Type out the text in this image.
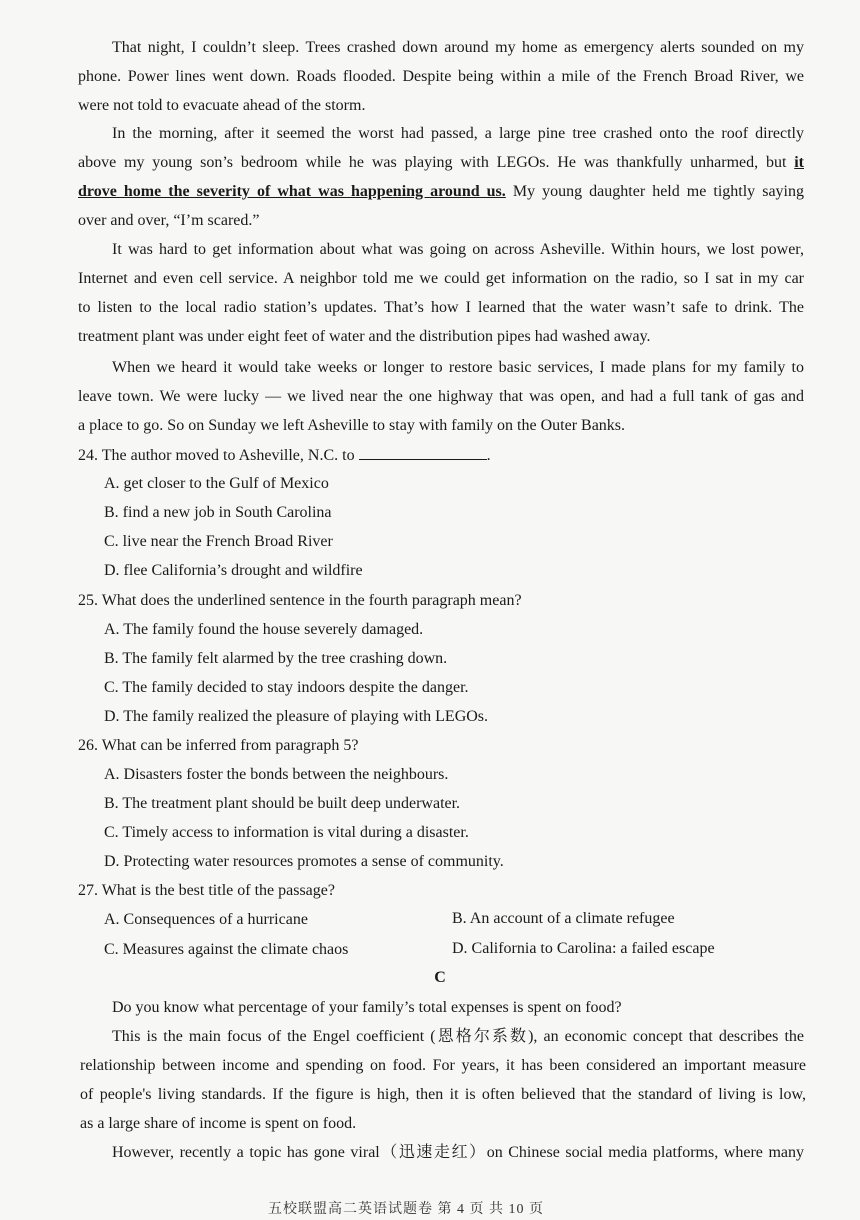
That night, I couldn’t sleep. Trees crashed down around my home as emergency alerts sounded on my
phone. Power lines went down. Roads flooded. Despite being within a mile of the French Broad River, we
were not told to evacuate ahead of the storm.
In the morning, after it seemed the worst had passed, a large pine tree crashed onto the roof directly
above my young son’s bedroom while he was playing with LEGOs. He was thankfully unharmed, but it
drove home the severity of what was happening around us. My young daughter held me tightly saying
over and over, “I’m scared.”
It was hard to get information about what was going on across Asheville. Within hours, we lost power,
Internet and even cell service. A neighbor told me we could get information on the radio, so I sat in my car
to listen to the local radio station’s updates. That’s how I learned that the water wasn’t safe to drink. The
treatment plant was under eight feet of water and the distribution pipes had washed away.
When we heard it would take weeks or longer to restore basic services, I made plans for my family to
leave town. We were lucky — we lived near the one highway that was open, and had a full tank of gas and
a place to go. So on Sunday we left Asheville to stay with family on the Outer Banks.
24. The author moved to Asheville, N.C. to	.
A. get closer to the Gulf of Mexico
B. find a new job in South Carolina
C. live near the French Broad River
D. flee California’s drought and wildfire
25. What does the underlined sentence in the fourth paragraph mean?
A. The family found the house severely damaged.
B. The family felt alarmed by the tree crashing down.
C. The family decided to stay indoors despite the danger.
D. The family realized the pleasure of playing with LEGOs.
26. What can be inferred from paragraph 5?
A. Disasters foster the bonds between the neighbours.
B. The treatment plant should be built deep underwater.
C. Timely access to information is vital during a disaster.
D. Protecting water resources promotes a sense of community.
27. What is the best title of the passage?
A. Consequences of a hurricane	B. An account of a climate refugee
C. Measures against the climate chaos	D. California to Carolina: a failed escape
C
Do you know what percentage of your family’s total expenses is spent on food?
This is the main focus of the Engel coefficient (恩格尔系数), an economic concept that describes the
relationship between income and spending on food. For years, it has been considered an important measure
of people's living standards. If the figure is high, then it is often believed that the standard of living is low,
as a large share of income is spent on food.
However, recently a topic has gone viral（迅速走红）on Chinese social media platforms, where many
五校联盟高二英语试题卷 第 4 页 共 10 页
